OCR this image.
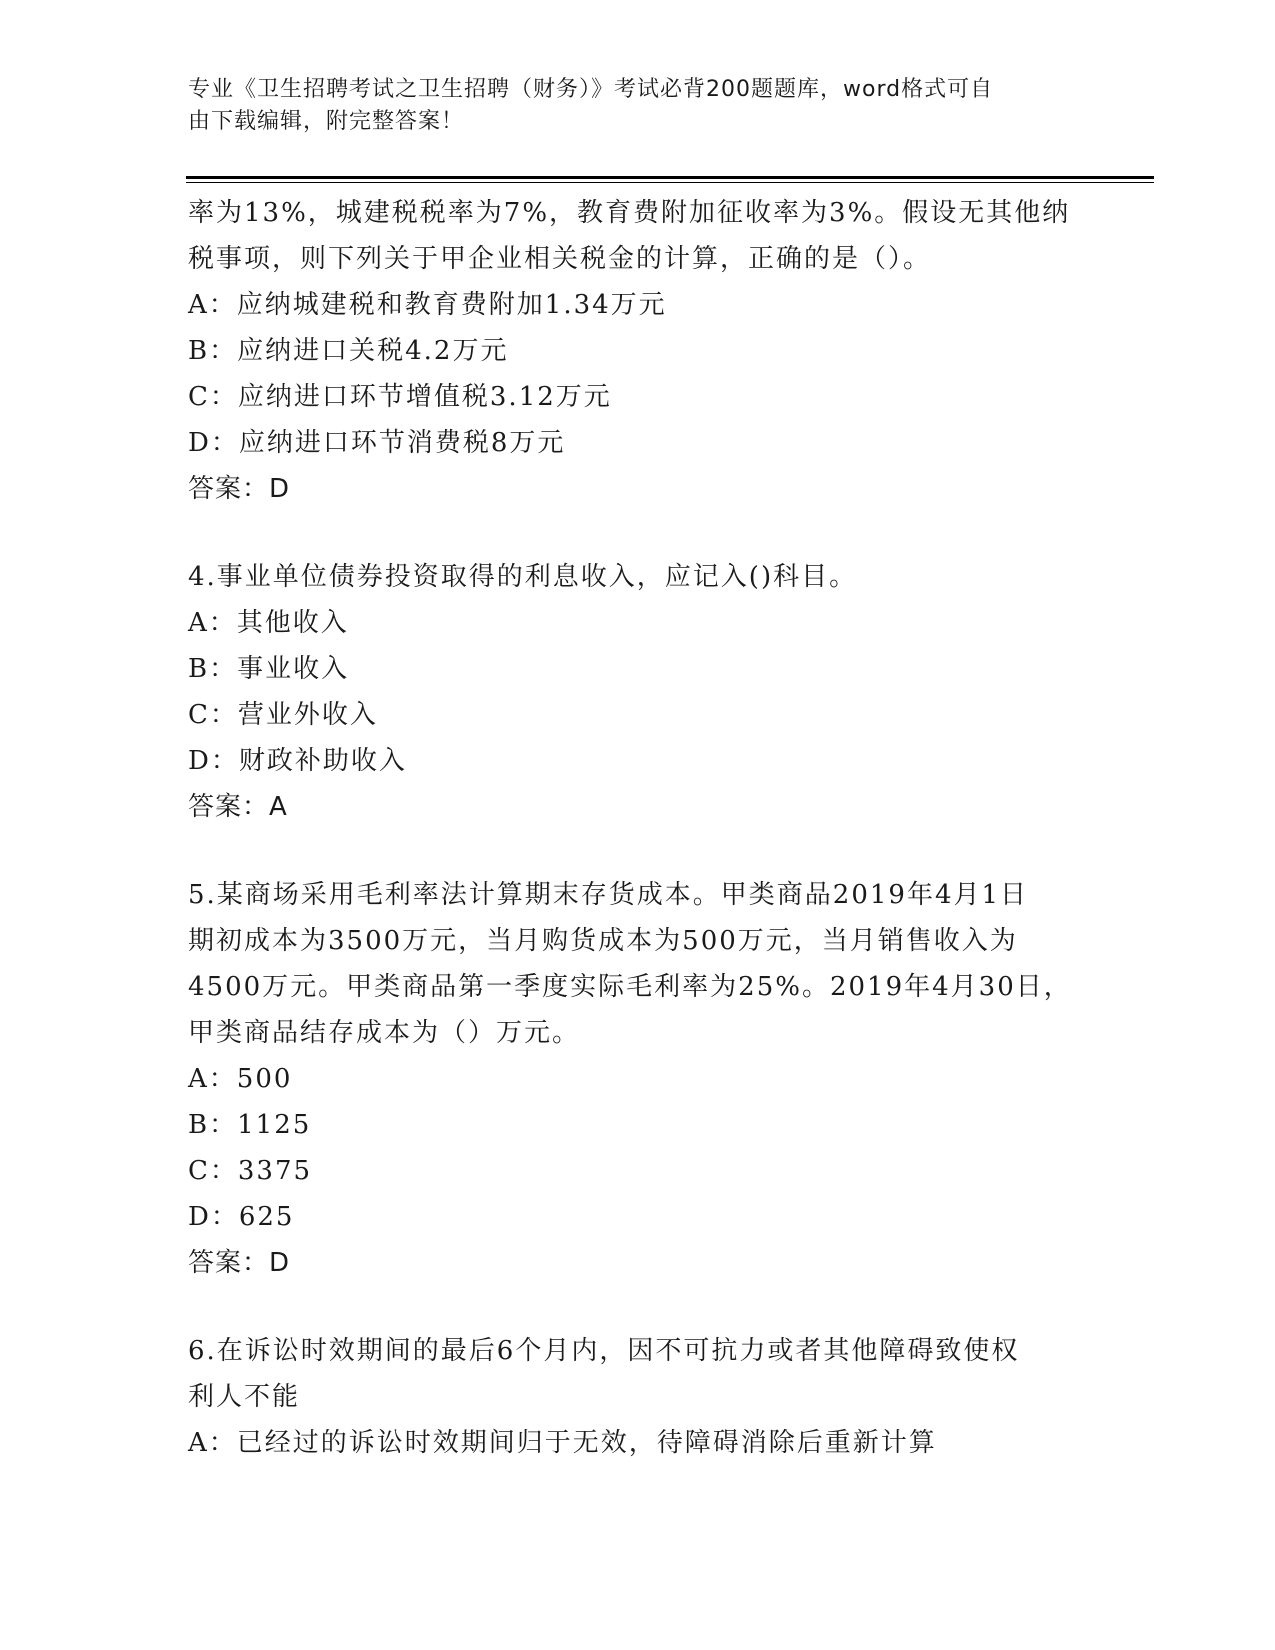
专业《卫生招聘考试之卫生招聘（财务）》考试必背200题题库，word格式可自
由下载编辑，附完整答案！
率为13%，城建税税率为7%，教育费附加征收率为3%。假设无其他纳
税事项，则下列关于甲企业相关税金的计算，正确的是（）。
A：应纳城建税和教育费附加1.34万元
B：应纳进口关税4.2万元
C：应纳进口环节增值税3.12万元
D：应纳进口环节消费税8万元
答案：D
4.事业单位债券投资取得的利息收入，应记入()科目。
A：其他收入
B：事业收入
C：营业外收入
D：财政补助收入
答案：A
5.某商场采用毛利率法计算期末存货成本。甲类商品2019年4月1日
期初成本为3500万元，当月购货成本为500万元，当月销售收入为
4500万元。甲类商品第一季度实际毛利率为25%。2019年4月30日，
甲类商品结存成本为（）万元。
A：500
B：1125
C：3375
D：625
答案：D
6.在诉讼时效期间的最后6个月内，因不可抗力或者其他障碍致使权
利人不能
A：已经过的诉讼时效期间归于无效，待障碍消除后重新计算
